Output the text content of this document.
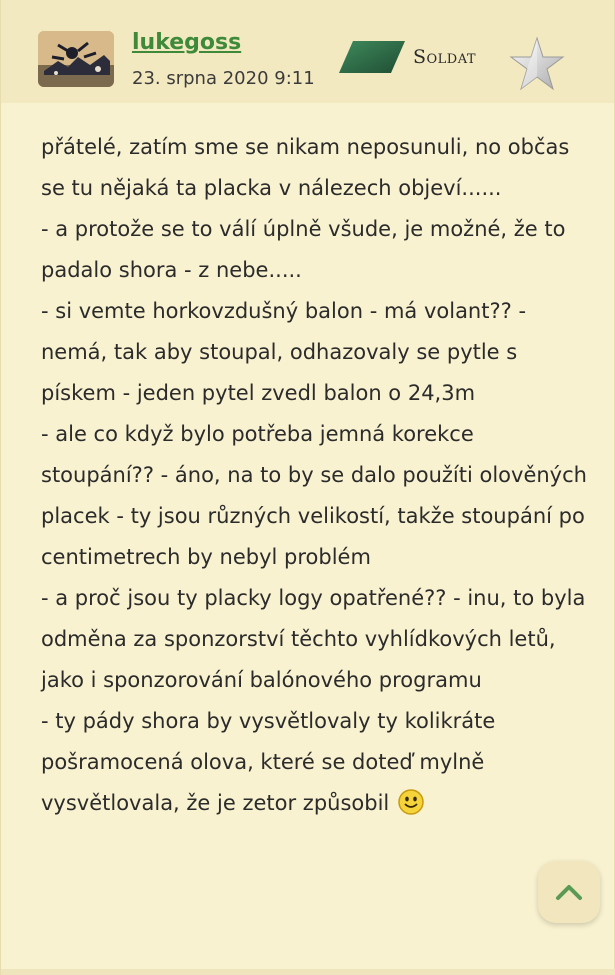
lukegoss
23. srpna 2020 9:11
Soldat

přátelé, zatím sme se nikam neposunuli, no občas se tu nějaká ta placka v nálezech objeví......

- a protože se to válí úplně všude, je možné, že to padalo shora - z nebe.....

- si vemte horkovzdušný balon - má volant?? - nemá, tak aby stoupal, odhazovaly se pytle s pískem - jeden pytel zvedl balon o 24,3m

- ale co když bylo potřeba jemná korekce stoupání?? - áno, na to by se dalo použíti olověných placek - ty jsou různých velikostí, takže stoupání po centimetrech by nebyl problém

- a proč jsou ty placky logy opatřené?? - inu, to byla odměna za sponzorství těchto vyhlídkových letů, jako i sponzorování balónového programu

- ty pády shora by vysvětlovaly ty kolikráte pošramocená olova, které se doteď mylně vysvětlovala, že je zetor způsobil
